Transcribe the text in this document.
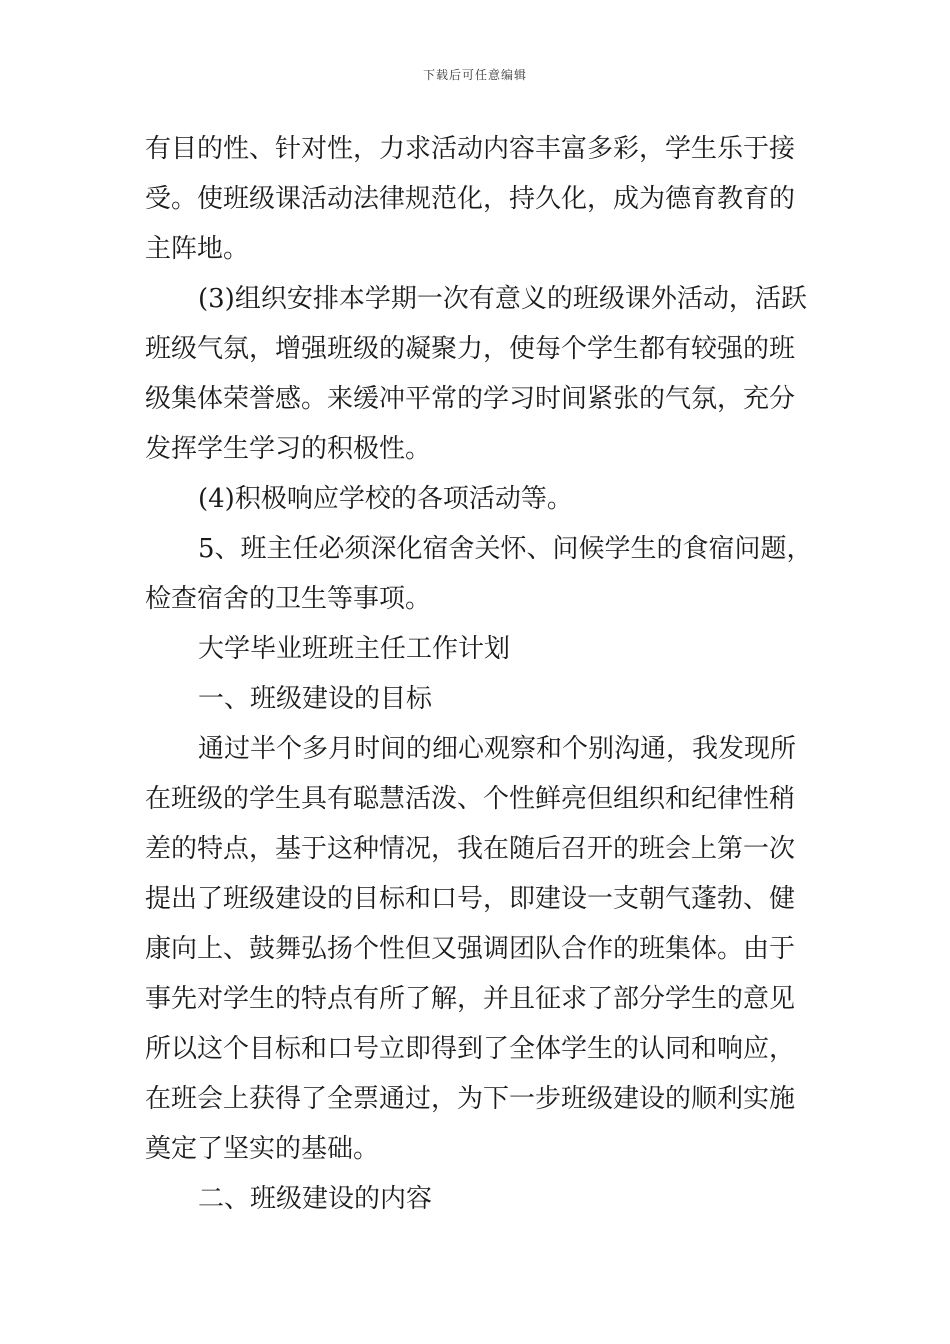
下载后可任意编辑
有目的性、针对性，力求活动内容丰富多彩，学生乐于接
受。使班级课活动法律规范化，持久化，成为德育教育的
主阵地。
(3)组织安排本学期一次有意义的班级课外活动，活跃
班级气氛，增强班级的凝聚力，使每个学生都有较强的班
级集体荣誉感。来缓冲平常的学习时间紧张的气氛，充分
发挥学生学习的积极性。
(4)积极响应学校的各项活动等。
5、班主任必须深化宿舍关怀、问候学生的食宿问题，
检查宿舍的卫生等事项。
大学毕业班班主任工作计划
一、班级建设的目标
通过半个多月时间的细心观察和个别沟通，我发现所
在班级的学生具有聪慧活泼、个性鲜亮但组织和纪律性稍
差的特点，基于这种情况，我在随后召开的班会上第一次
提出了班级建设的目标和口号，即建设一支朝气蓬勃、健
康向上、鼓舞弘扬个性但又强调团队合作的班集体。由于
事先对学生的特点有所了解，并且征求了部分学生的意见
所以这个目标和口号立即得到了全体学生的认同和响应，
在班会上获得了全票通过，为下一步班级建设的顺利实施
奠定了坚实的基础。
二、班级建设的内容
